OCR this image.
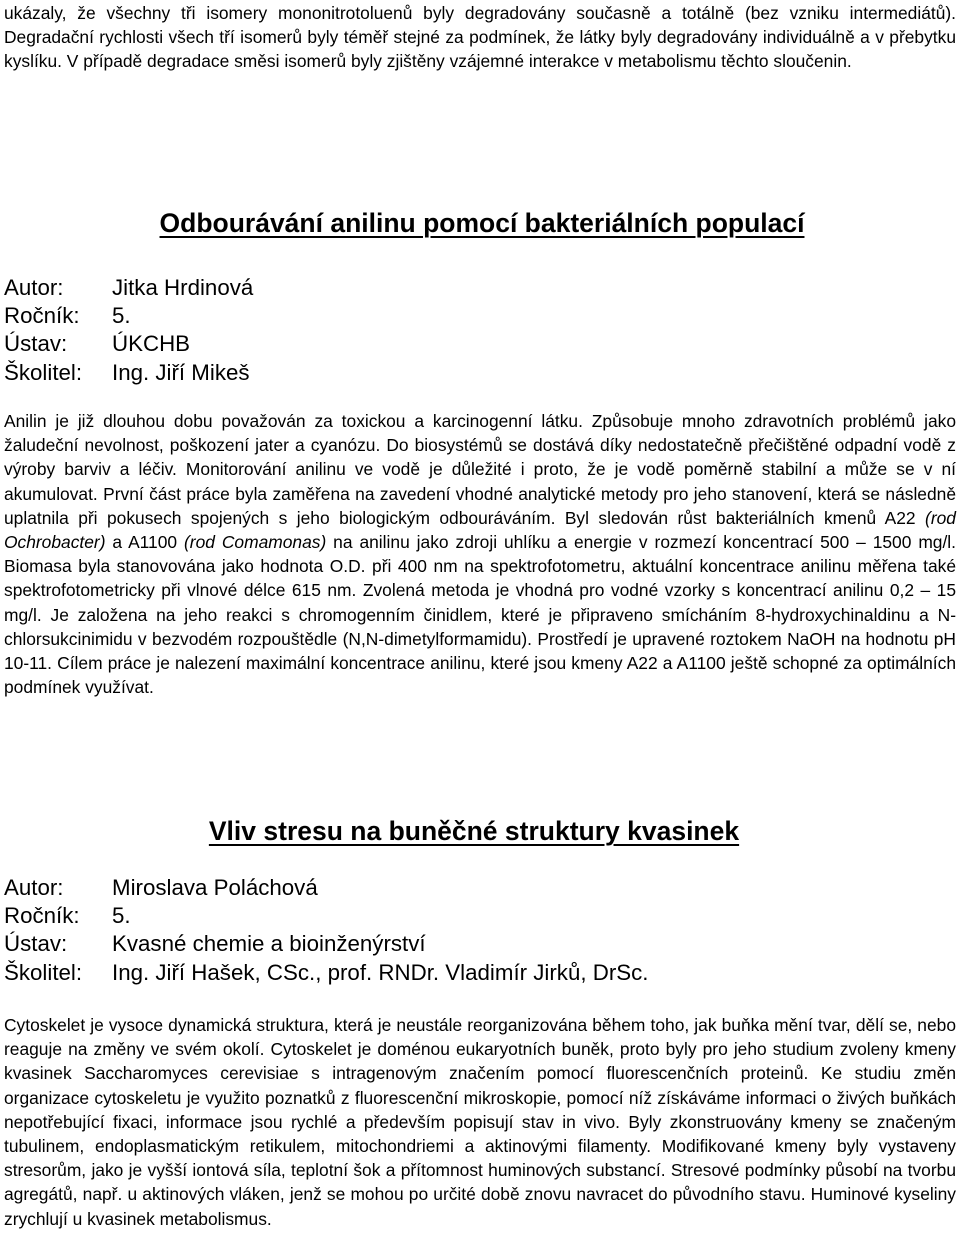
ukázaly, že všechny tři isomery mononitrotoluenů byly degradovány současně a totálně (bez vzniku intermediátů). Degradační rychlosti všech tří isomerů byly téměř stejné za podmínek, že látky byly degradovány individuálně a v přebytku kyslíku. V případě degradace směsi isomerů byly zjištěny vzájemné interakce v metabolismu těchto sloučenin.

Odbourávání anilinu pomocí bakteriálních populací
Autor: Jitka Hrdinová
Ročník: 5.
Ústav: ÚKCHB
Školitel: Ing. Jiří Mikeš

Anilin je již dlouhou dobu považován za toxickou a karcinogenní látku. Způsobuje mnoho zdravotních problémů jako žaludeční nevolnost, poškození jater a cyanózu. Do biosystémů se dostává díky nedostatečně přečištěné odpadní vodě z výroby barviv a léčiv. Monitorování anilinu ve vodě je důležité i proto, že je vodě poměrně stabilní a může se v ní akumulovat. První část práce byla zaměřena na zavedení vhodné analytické metody pro jeho stanovení, která se následně uplatnila při pokusech spojených s jeho biologickým odbouráváním. Byl sledován růst bakteriálních kmenů A22 (rod Ochrobacter) a A1100 (rod Comamonas) na anilinu jako zdroji uhlíku a energie v rozmezí koncentrací 500 – 1500 mg/l. Biomasa byla stanovována jako hodnota O.D. při 400 nm na spektrofotometru, aktuální koncentrace anilinu měřena také spektrofotometricky při vlnové délce 615 nm. Zvolená metoda je vhodná pro vodné vzorky s koncentrací anilinu 0,2 – 15 mg/l. Je založena na jeho reakci s chromogenním činidlem, které je připraveno smícháním 8-hydroxychinaldinu a N-chlorsukcinimidu v bezvodém rozpouštědle (N,N-dimetylformamidu). Prostředí je upravené roztokem NaOH na hodnotu pH 10-11. Cílem práce je nalezení maximální koncentrace anilinu, které jsou kmeny A22 a A1100 ještě schopné za optimálních podmínek využívat.

Vliv stresu na buněčné struktury kvasinek
Autor: Miroslava Poláchová
Ročník: 5.
Ústav: Kvasné chemie a bioinženýrství
Školitel: Ing. Jiří Hašek, CSc., prof. RNDr. Vladimír Jirků, DrSc.

Cytoskelet je vysoce dynamická struktura, která je neustále reorganizována během toho, jak buňka mění tvar, dělí se, nebo reaguje na změny ve svém okolí. Cytoskelet je doménou eukaryotních buněk, proto byly pro jeho studium zvoleny kmeny kvasinek Saccharomyces cerevisiae s intragenovým značením pomocí fluorescenčních proteinů. Ke studiu změn organizace cytoskeletu je využito poznatků z fluorescenční mikroskopie, pomocí níž získáváme informaci o živých buňkách nepotřebující fixaci, informace jsou rychlé a především popisují stav in vivo. Byly zkonstruovány kmeny se značeným tubulinem, endoplasmatickým retikulem, mitochondriemi a aktinovými filamenty. Modifikované kmeny byly vystaveny stresorům, jako je vyšší iontová síla, teplotní šok a přítomnost huminových substancí. Stresové podmínky působí na tvorbu agregátů, např. u aktinových vláken, jenž se mohou po určité době znovu navracet do původního stavu. Huminové kyseliny zrychlují u kvasinek metabolismus.
